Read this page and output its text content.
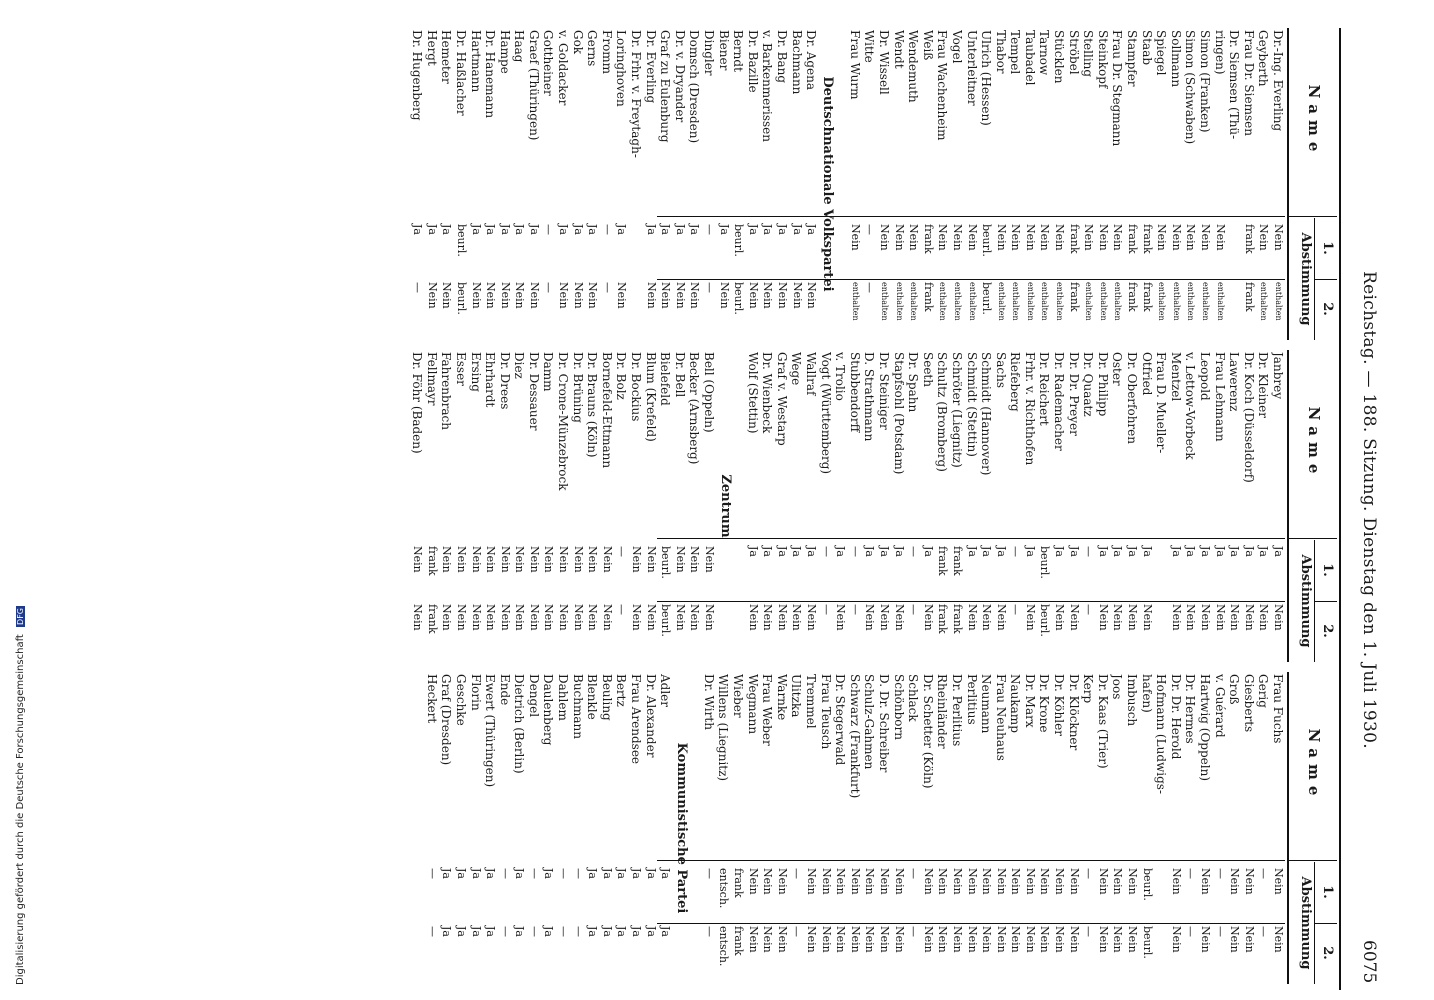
Digitalisierung gefördert durch die Deutsche Forschungsgemeinschaft DFG	Reichstag. — 188. Sitzung. Dienstag den 1. Juli 1930.
6075
Name
1.
2.
Abstimmung
Dr.-Ing. Everling
Nein
enthalten
Geyberth
Nein
enthalten
Frau Dr. Siemsen
frank
frank
Dr. Siemsen (Thü-
ringen)
Nein
enthalten
Simon (Franken)
Nein
enthalten
Simon (Schwaben)
Nein
enthalten
Sollmann
Nein
enthalten
Spiegel
Nein
enthalten
Staab
frank
frank
Stampfer
frank
frank
Frau Dr. Stegmann
Nein
enthalten
Steinkopf
Nein
enthalten
Stelling
Nein
enthalten
Ströbel
frank
frank
Stücklen
Nein
enthalten
Tarnow
Nein
enthalten
Taubadel
Nein
enthalten
Tempel
Nein
enthalten
Thabor
Nein
enthalten
Ulrich (Hessen)
beurl.
beurl.
Unterleitner
Nein
enthalten
Vogel
Nein
enthalten
Frau Wachenheim
Nein
enthalten
Weiß
frank
frank
Wendemuth
Nein
enthalten
Wendt
Nein
enthalten
Dr. Wissell
Nein
enthalten
Witte
—
—
Frau Wurm
Nein
enthalten
Deutschnationale Volkspartei
Dr. Agena
Ja
Nein
Bachmann
Ja
Nein
Dr. Bang
Ja
Nein
v. Barkenmerissen
Ja
Nein
Dr. Bazille
Ja
Nein
Berndt
beurl.
beurl.
Biener
Ja
Nein
Dingler
—
—
Domsch (Dresden)
Ja
Nein
Dr. v. Dryander
Ja
Nein
Graf zu Eulenburg
Ja
Nein
Dr. Everling
Ja
Nein
Dr. Frhr. v. Freytagh-
Loringhoven
Ja
Nein
Fromm
—
—
Gerns
Ja
Nein
Gok
Ja
Nein
v. Goldacker
Ja
Nein
Gottheiner
—
—
Graef (Thüringen)
Ja
Nein
Haag
Ja
Nein
Hampe
Ja
Nein
Dr. Hanemann
Ja
Nein
Hartmann
Ja
Nein
Dr. Haßlacher
beurl.
beurl.
Hemeter
Ja
Nein
Hergt
Ja
Nein
Dr. Hugenberg
Ja
—
Name
1.
2.
Abstimmung
Janbrey
Ja
Nein
Dr. Kleiner
Ja
Nein
Dr. Koch (Düsseldorf)
Ja
Nein
Lawerenz
Ja
Nein
Frau Lehmann
Ja
Nein
Leopold
Ja
Nein
v. Lettow-Vorbeck
Ja
Nein
Mentzel
Ja
Nein
Frau D. Mueller-
Otfried
Ja
Nein
Dr. Oberfohren
Ja
Nein
Oster
Ja
Nein
Dr. Philipp
Ja
Nein
Dr. Quaatz
—
—
Dr. Dr. Preyer
Ja
Nein
Dr. Rademacher
Ja
Nein
Dr. Reichert
beurl.
beurl.
Frhr. v. Richthofen
Ja
Nein
Riefeberg
—
—
Sachs
Ja
Nein
Schmidt (Hannover)
Ja
Nein
Schmidt (Stettin)
Ja
Nein
Schröter (Liegnitz)
frank
frank
Schultz (Bromberg)
frank
frank
Seeth
Ja
Nein
Dr. Spahn
—
—
Stapfsohl (Potsdam)
Ja
Nein
Dr. Steiniger
Ja
Nein
D. Strathmann
Ja
Nein
Stubbendorff
—
—
v. Trolio
Ja
Nein
Vogt (Württemberg)
—
—
Wallraf
Ja
Nein
Wege
Ja
Nein
Graf v. Westarp
Ja
Nein
Dr. Wienbeck
Ja
Nein
Wolf (Stettin)
Ja
Nein
Zentrum
Bell (Oppeln)
Nein
Nein
Becker (Arnsberg)
Nein
Nein
Dr. Bell
Nein
Nein
Bielefeld
beurl.
beurl.
Blum (Krefeld)
Nein
Nein
Dr. Bockius
Nein
Nein
Dr. Bolz
—
—
Bornefeld-Ettmann
Nein
Nein
Dr. Brauns (Köln)
Nein
Nein
Dr. Brüning
Nein
Nein
Dr. Crone-Münzebrock
Nein
Nein
Damm
Nein
Nein
Dr. Dessauer
Nein
Nein
Diez
Nein
Nein
Dr. Drees
Nein
Nein
Ehrhardt
Nein
Nein
Ersing
Nein
Nein
Esser
Nein
Nein
Fahrenbrach
Nein
Nein
Fellmayr
frank
frank
Dr. Föhr (Baden)
Nein
Nein
Name
1.
2.
Abstimmung
Frau Fuchs
Nein
Nein
Gerig
—
—
Giesberts
Nein
Nein
Groß
Nein
Nein
v. Guérard
—
—
Hartwig (Oppeln)
Nein
Nein
Dr. Hermes
—
—
Dr. Dr. Herold
Nein
Nein
Hofmann (Ludwigs-
hafen)
beurl.
beurl.
Imbusch
Nein
Nein
Joos
Nein
Nein
Dr. Kaas (Trier)
Nein
Nein
Kerp
—
—
Dr. Klöckner
Nein
Nein
Dr. Köhler
Nein
Nein
Dr. Krone
Nein
Nein
Dr. Marx
Nein
Nein
Naukamp
Nein
Nein
Frau Neuhaus
Nein
Nein
Neumann
Nein
Nein
Perlitius
Nein
Nein
Dr. Perlitius
Nein
Nein
Rheinländer
Nein
Nein
Dr. Schetter (Köln)
Nein
Nein
Schlack
—
—
Schönborn
Nein
Nein
D. Dr. Schreiber
Nein
Nein
Schulz-Gahmen
Nein
Nein
Schwarz (Frankfurt)
Nein
Nein
Dr. Stegerwald
Nein
Nein
Frau Teusch
Nein
Nein
Tremmel
Nein
Nein
Ulitzka
—
—
Warnke
Nein
Nein
Frau Weber
Nein
Nein
Wegmann
Nein
Nein
Wieber
frank
frank
Willens (Liegnitz)
entsch.
entsch.
Dr. Wirth
—
—
Kommunistische Partei
Adler
Ja
Ja
Dr. Alexander
Ja
Ja
Frau Arendsee
Ja
Ja
Bertz
Ja
Ja
Beuling
Ja
Ja
Blenkle
Ja
Ja
Buchmann
—
—
Dahlem
—
—
Daulenberg
Ja
Ja
Dengel
—
—
Dietrich (Berlin)
Ja
Ja
Ende
—
—
Ewert (Thüringen)
Ja
Ja
Florin
Ja
Ja
Geschke
Ja
Ja
Graf (Dresden)
Ja
Ja
Heckert
—
—
